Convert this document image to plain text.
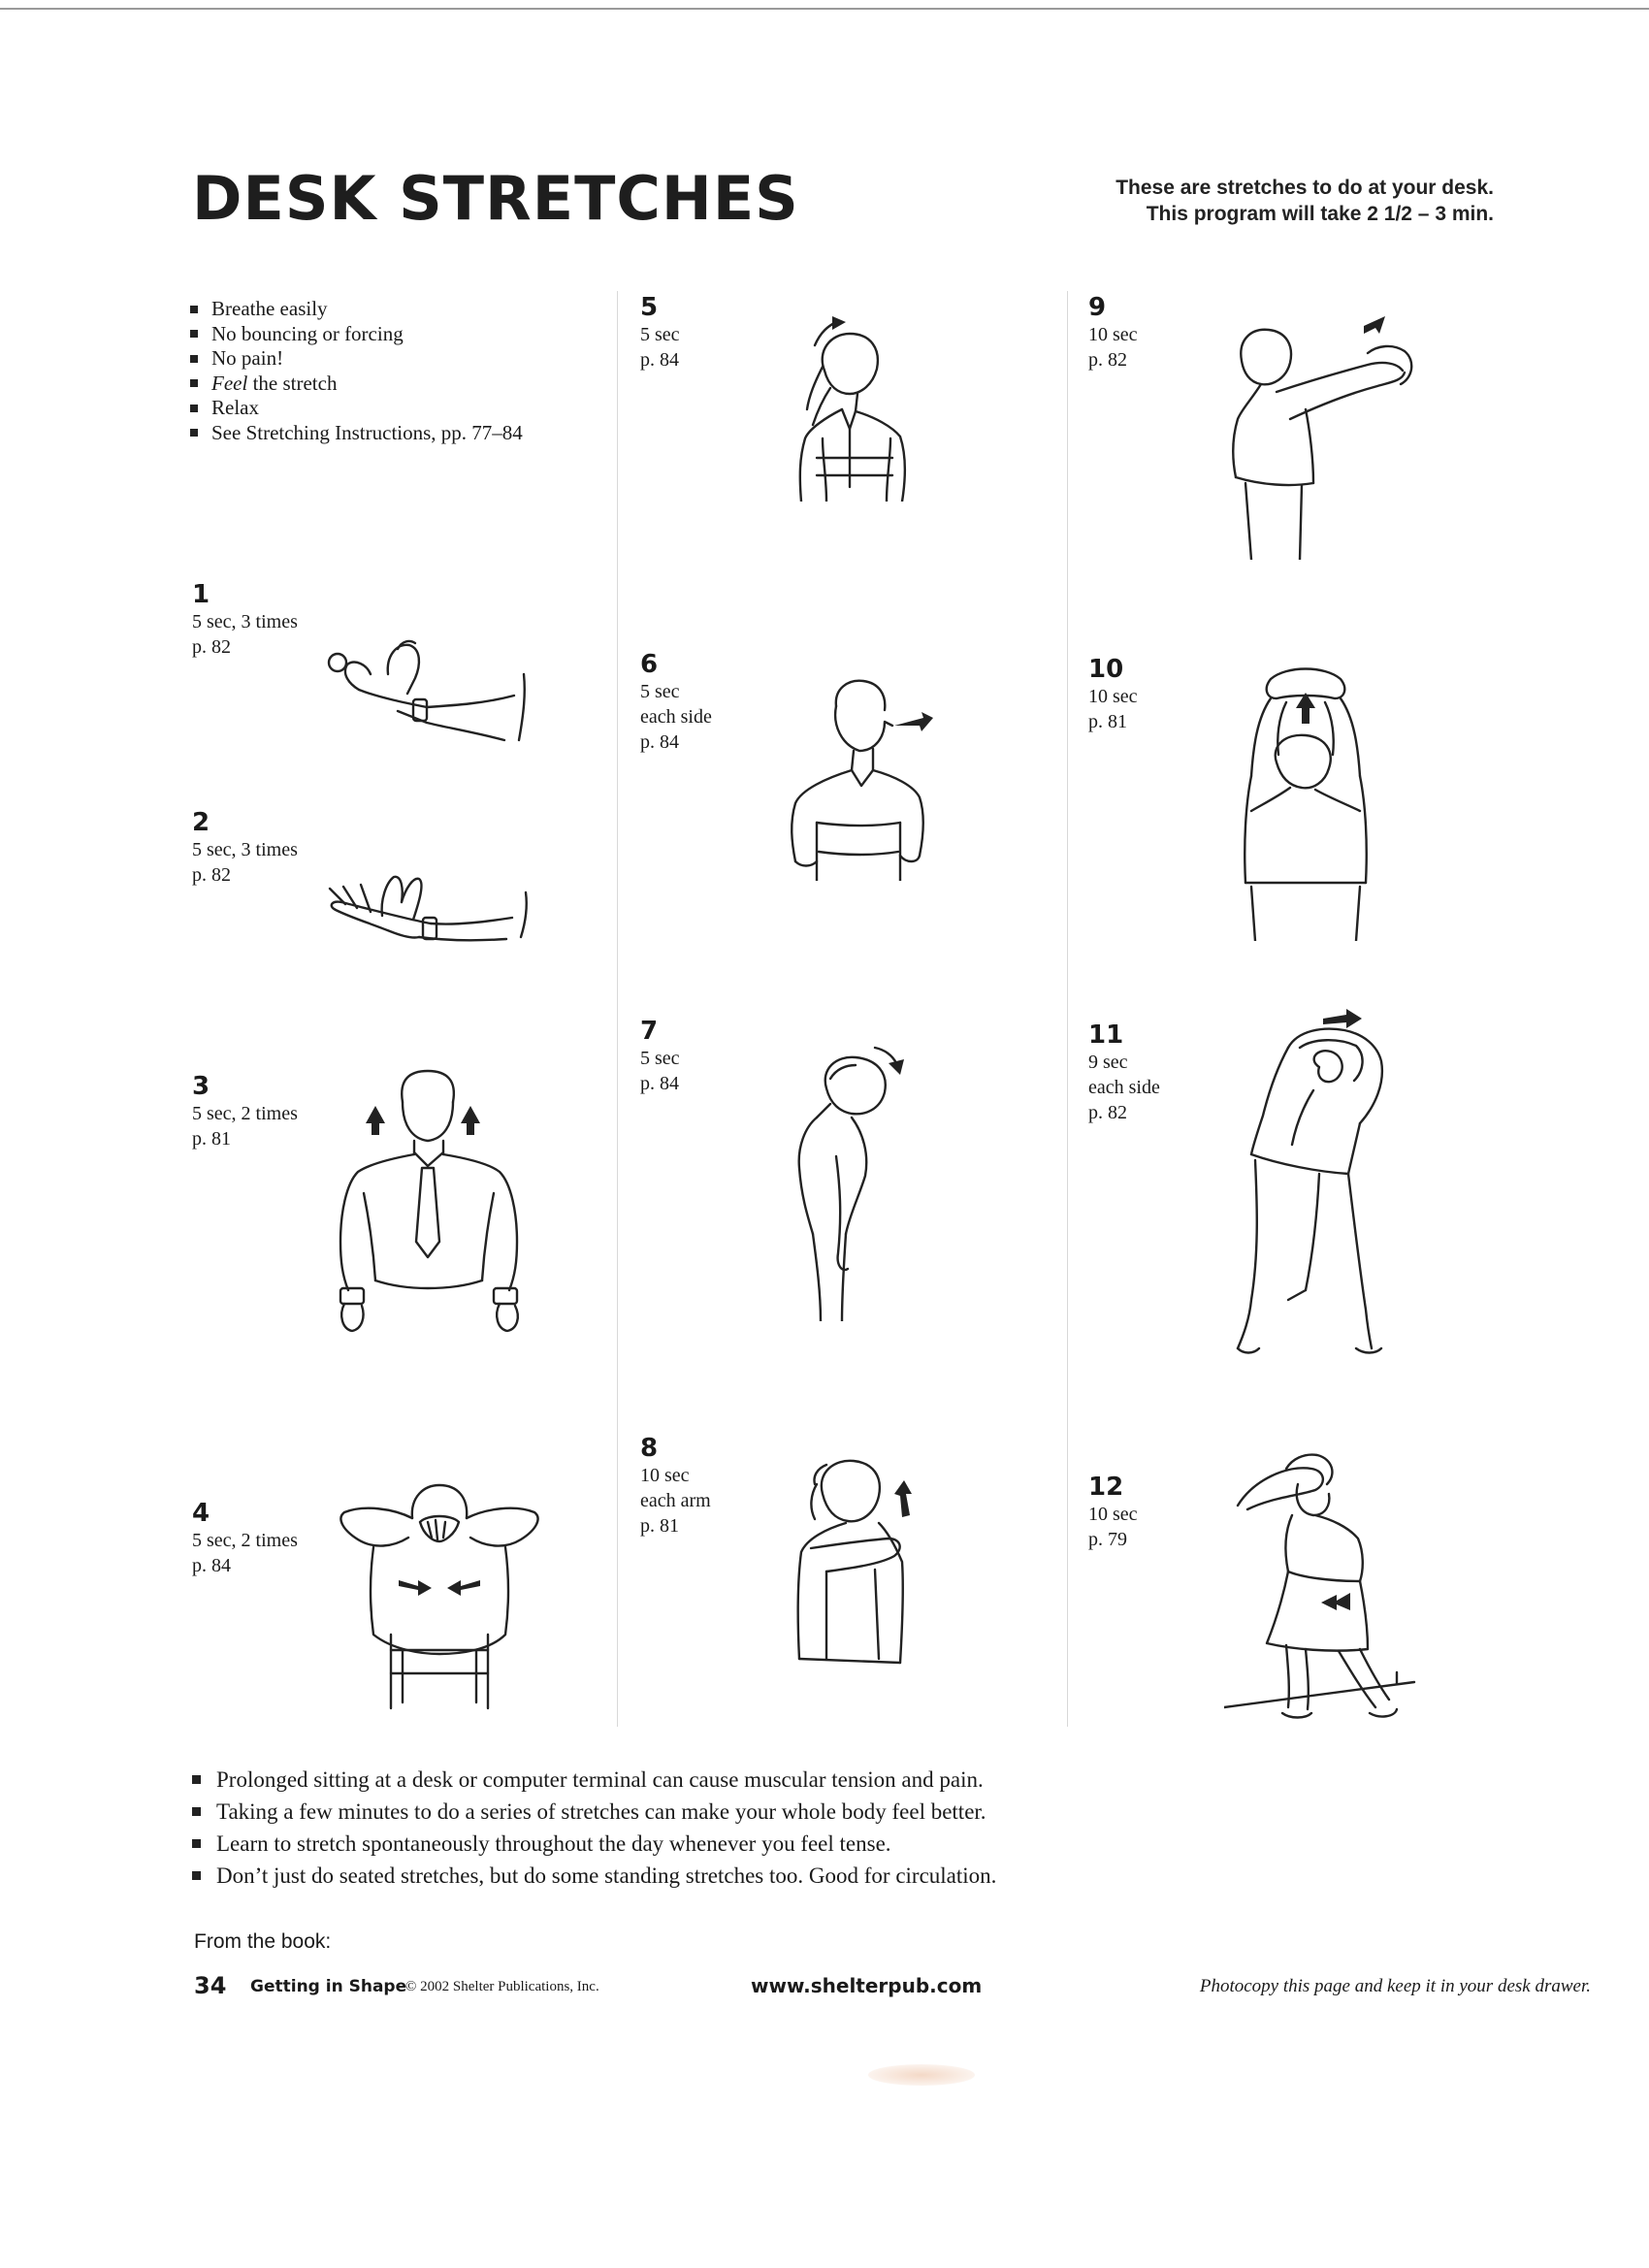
DESK STRETCHES	These are stretches to do at your desk.
This program will take 2 1/2 – 3 min.
Breathe easily
No bouncing or forcing
No pain!
Feel the stretch
Relax
See Stretching Instructions, pp. 77–84
1
5 sec, 3 times
p. 82
2
5 sec, 3 times
p. 82
3
5 sec, 2 times
p. 81
4
5 sec, 2 times
p. 84
5
5 sec
p. 84
6
5 sec
each side
p. 84
7
5 sec
p. 84
8
10 sec
each arm
p. 81
9
10 sec
p. 82
10
10 sec
p. 81
11
9 sec
each side
p. 82
12
10 sec
p. 79
Prolonged sitting at a desk or computer terminal can cause muscular tension and pain.
Taking a few minutes to do a series of stretches can make your whole body feel better.
Learn to stretch spontaneously throughout the day whenever you feel tense.
Don’t just do seated stretches, but do some standing stretches too. Good for circulation.
From the book:
34 Getting in Shape
© 2002 Shelter Publications, Inc.	www.shelterpub.com	Photocopy this page and keep it in your desk drawer.
